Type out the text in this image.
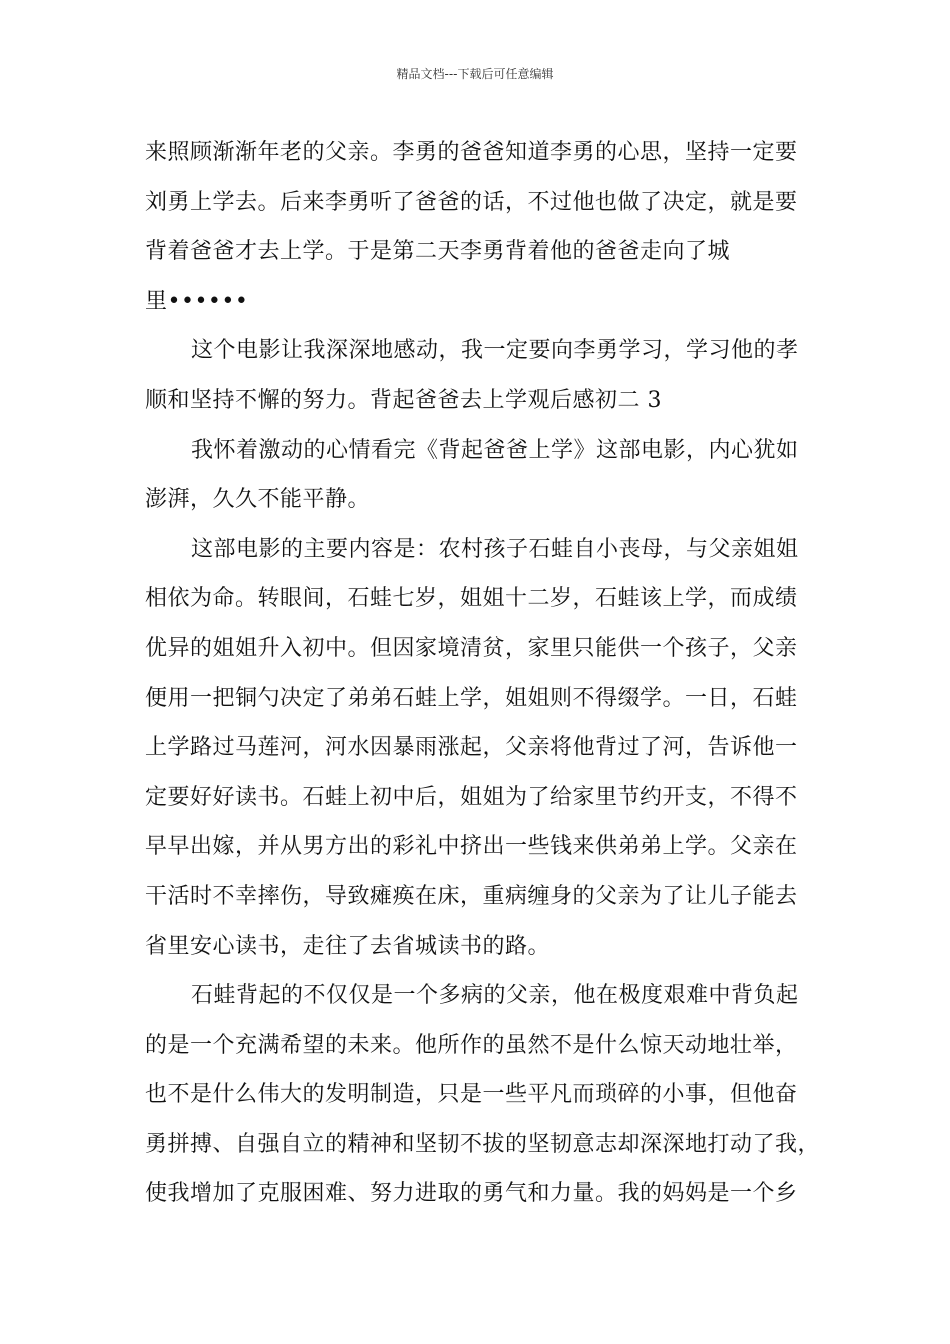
精品文档---下载后可任意编辑
来照顾渐渐年老的父亲。李勇的爸爸知道李勇的心思，坚持一定要
刘勇上学去。后来李勇听了爸爸的话，不过他也做了决定，就是要
背着爸爸才去上学。于是第二天李勇背着他的爸爸走向了城
里••••••
这个电影让我深深地感动，我一定要向李勇学习，学习他的孝
顺和坚持不懈的努力。背起爸爸去上学观后感初二 3
我怀着激动的心情看完《背起爸爸上学》这部电影，内心犹如
澎湃，久久不能平静。
这部电影的主要内容是：农村孩子石蛙自小丧母，与父亲姐姐
相依为命。转眼间，石蛙七岁，姐姐十二岁，石蛙该上学，而成绩
优异的姐姐升入初中。但因家境清贫，家里只能供一个孩子，父亲
便用一把铜勺决定了弟弟石蛙上学，姐姐则不得缀学。一日，石蛙
上学路过马莲河，河水因暴雨涨起，父亲将他背过了河，告诉他一
定要好好读书。石蛙上初中后，姐姐为了给家里节约开支，不得不
早早出嫁，并从男方出的彩礼中挤出一些钱来供弟弟上学。父亲在
干活时不幸摔伤，导致瘫痪在床，重病缠身的父亲为了让儿子能去
省里安心读书，走往了去省城读书的路。
石蛙背起的不仅仅是一个多病的父亲，他在极度艰难中背负起
的是一个充满希望的未来。他所作的虽然不是什么惊天动地壮举，
也不是什么伟大的发明制造，只是一些平凡而琐碎的小事，但他奋
勇拼搏、自强自立的精神和坚韧不拔的坚韧意志却深深地打动了我，
使我增加了克服困难、努力进取的勇气和力量。我的妈妈是一个乡
